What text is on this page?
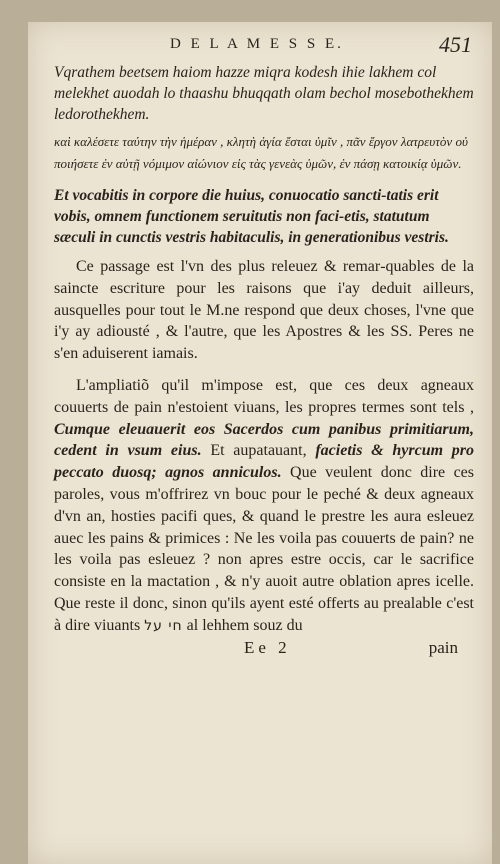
D E L A M E S S E.	451
Vqrathem beetsem haiom hazze miqra kodesh ihie lakhem col melekhet auodah lo thaashu bhuqqath olam bechol mosebothekhem ledorothekhem.
καὶ καλέσετε ταύτην τὴν ἡμέραν , κλητὴ ἁγία ἔσται ὑμῖν , πᾶν ἔργον λατρευτὸν οὐ ποιήσετε ἐν αὐτῇ νόμιμον αἰώνιον εἰς τὰς γενεὰς ὑμῶν, ἐν πάσῃ κατοικίᾳ ὑμῶν.
Et vocabitis in corpore die huius, conuocatio sancti‑tatis erit vobis, omnem functionem seruitutis non faci‑etis, statutum sæculi in cunctis vestris habitaculis, in generationibus vestris.

Ce passage est l'vn des plus releuez & remar‑quables de la saincte escriture pour les raisons que i'ay deduit ailleurs, ausquelles pour tout le M.ne respond que deux choses, l'vne que i'y ay adiousté , & l'autre, que les Apostres & les SS. Peres ne s'en aduiserent iamais.

L'ampliatiõ qu'il m'impose est, que ces deux agneaux couuerts de pain n'estoient viuans, les propres termes sont tels , Cumque eleuauerit eos Sacerdos cum panibus primitiarum, cedent in vsum eius. Et aupatauant, facietis & hyrcum pro peccato duosq; agnos anniculos. Que veulent donc dire ces paroles, vous m'offrirez vn bouc pour le peché & deux agneaux d'vn an, hosties pacifi ques, & quand le prestre les aura esleuez auec les pains & primices : Ne les voila pas couuerts de pain? ne les voila pas esleuez ? non apres estre occis, car le sacrifice consiste en la mactation , & n'y auoit autre oblation apres icelle. Que reste il donc, sinon qu'ils ayent esté offerts au prealable c'est à dire viuants חי על al lehhem souz du

Ee 2	pain
